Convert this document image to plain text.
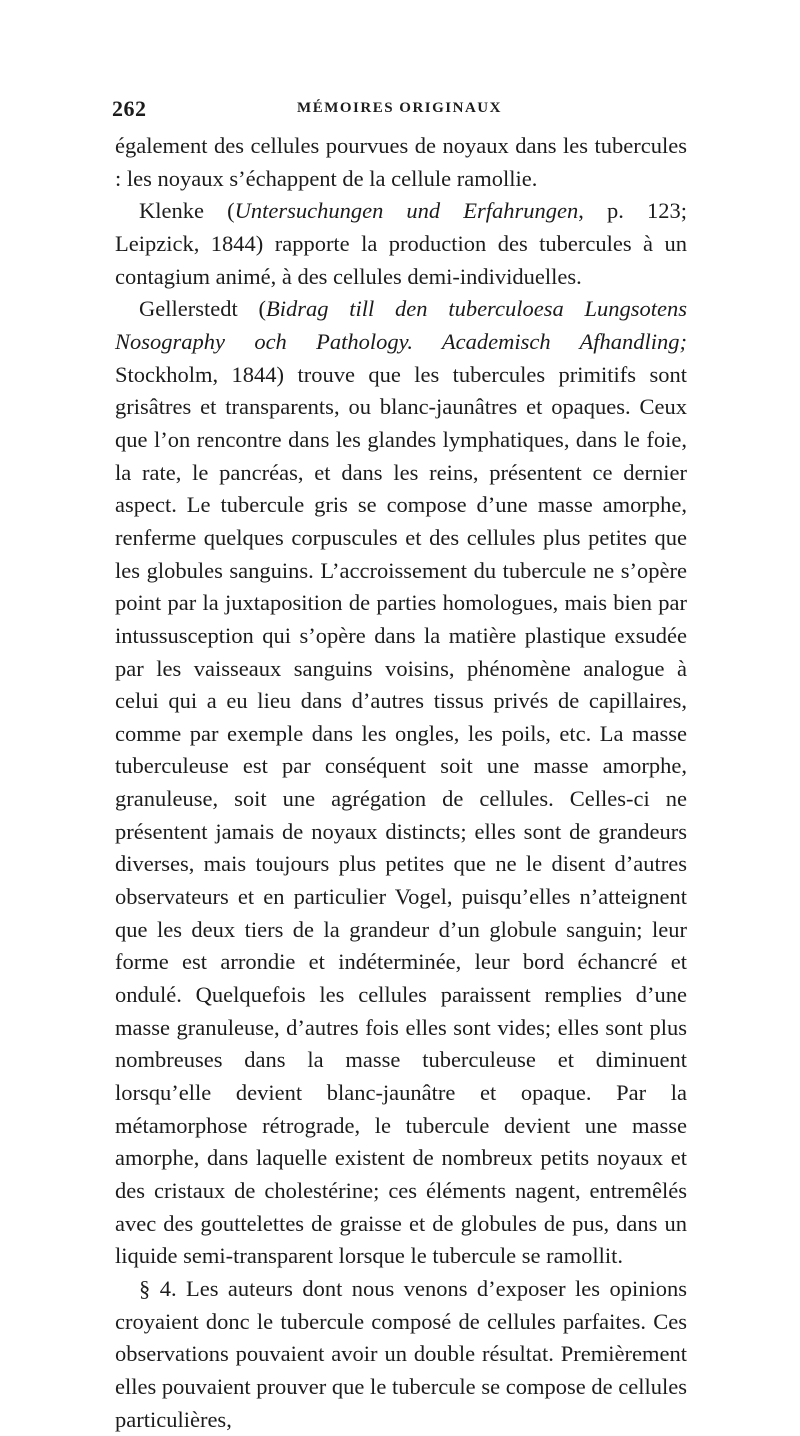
262	MÉMOIRES ORIGINAUX

également des cellules pourvues de noyaux dans les tubercules : les noyaux s’échappent de la cellule ramollie.

Klenke (Untersuchungen und Erfahrungen, p. 123; Leipzick, 1844) rapporte la production des tubercules à un contagium animé, à des cellules demi-individuelles.

Gellerstedt (Bidrag till den tuberculoesa Lungsotens Nosography och Pathology. Academisch Afhandling; Stockholm, 1844) trouve que les tubercules primitifs sont grisâtres et transparents, ou blanc-jaunâtres et opaques. Ceux que l’on rencontre dans les glandes lymphatiques, dans le foie, la rate, le pancréas, et dans les reins, présentent ce dernier aspect. Le tubercule gris se compose d’une masse amorphe, renferme quelques corpuscules et des cellules plus petites que les globules sanguins. L’accroissement du tubercule ne s’opère point par la juxtaposition de parties homologues, mais bien par intussusception qui s’opère dans la matière plastique exsudée par les vaisseaux sanguins voisins, phénomène analogue à celui qui a eu lieu dans d’autres tissus privés de capillaires, comme par exemple dans les ongles, les poils, etc. La masse tuberculeuse est par conséquent soit une masse amorphe, granuleuse, soit une agrégation de cellules. Celles-ci ne présentent jamais de noyaux distincts; elles sont de grandeurs diverses, mais toujours plus petites que ne le disent d’autres observateurs et en particulier Vogel, puisqu’elles n’atteignent que les deux tiers de la grandeur d’un globule sanguin; leur forme est arrondie et indéterminée, leur bord échancré et ondulé. Quelquefois les cellules paraissent remplies d’une masse granuleuse, d’autres fois elles sont vides; elles sont plus nombreuses dans la masse tuberculeuse et diminuent lorsqu’elle devient blanc-jaunâtre et opaque. Par la métamorphose rétrograde, le tubercule devient une masse amorphe, dans laquelle existent de nombreux petits noyaux et des cristaux de cholestérine; ces éléments nagent, entremêlés avec des gouttelettes de graisse et de globules de pus, dans un liquide semi-transparent lorsque le tubercule se ramollit.

§ 4. Les auteurs dont nous venons d’exposer les opinions croyaient donc le tubercule composé de cellules parfaites. Ces observations pouvaient avoir un double résultat. Premièrement elles pouvaient prouver que le tubercule se compose de cellules particulières,
